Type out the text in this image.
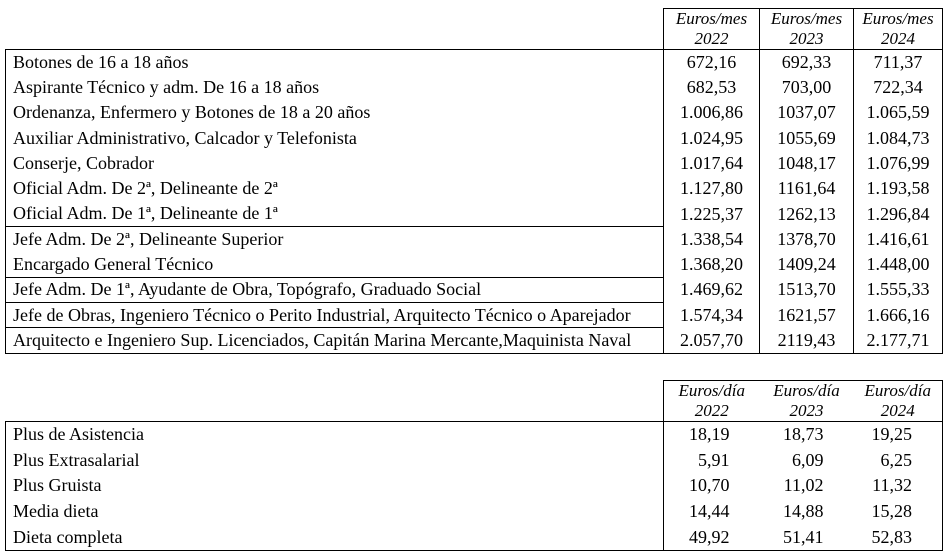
Euros/mes
2022

Euros/mes
2023

Euros/mes
2024

Botones de 16 a 18 años	672,16	692,33	711,37
Aspirante Técnico y adm. De 16 a 18 años	682,53	703,00	722,34
Ordenanza, Enfermero y Botones de 18 a 20 años	1.006,86	1037,07	1.065,59
Auxiliar Administrativo, Calcador y Telefonista	1.024,95	1055,69	1.084,73
Conserje, Cobrador	1.017,64	1048,17	1.076,99
Oficial Adm. De 2ª, Delineante de 2ª	1.127,80	1161,64	1.193,58
Oficial Adm. De 1ª, Delineante de 1ª	1.225,37	1262,13	1.296,84
Jefe Adm. De 2ª, Delineante Superior	1.338,54	1378,70	1.416,61
Encargado General Técnico	1.368,20	1409,24	1.448,00
Jefe Adm. De 1ª, Ayudante de Obra, Topógrafo, Graduado Social	1.469,62	1513,70	1.555,33
Jefe de Obras, Ingeniero Técnico o Perito Industrial, Arquitecto Técnico o Aparejador	1.574,34	1621,57	1.666,16
Arquitecto e Ingeniero Sup. Licenciados, Capitán Marina Mercante,Maquinista Naval	2.057,70	2119,43	2.177,71

Euros/día
2022

Euros/día
2023

Euros/día
2024

Plus de Asistencia	18,19	18,73	19,25
Plus Extrasalarial	5,91	6,09	6,25
Plus Gruista	10,70	11,02	11,32
Media dieta	14,44	14,88	15,28
Dieta completa	49,92	51,41	52,83
